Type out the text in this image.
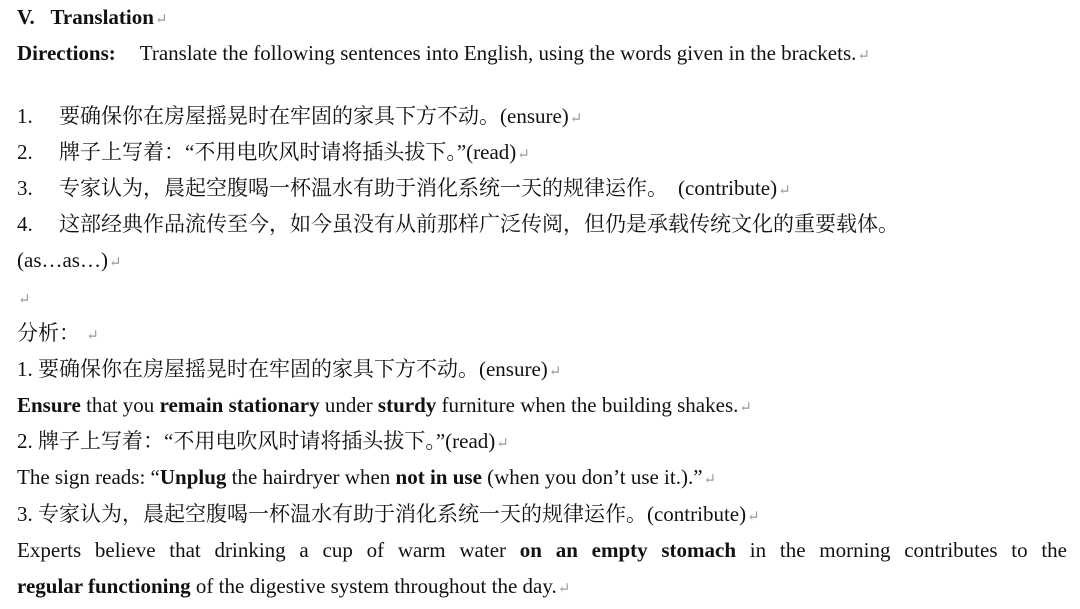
V. Translation↵
Directions: Translate the following sentences into English, using the words given in the brackets.↵
1. 要确保你在房屋摇晃时在牢固的家具下方不动。(ensure)↵
2. 牌子上写着：“不用电吹风时请将插头拔下。”(read)↵
3. 专家认为，晨起空腹喝一杯温水有助于消化系统一天的规律运作。 (contribute)↵
4. 这部经典作品流传至今，如今虽没有从前那样广泛传阅，但仍是承载传统文化的重要载体。
(as…as…)↵
↵
分析： ↵
1. 要确保你在房屋摇晃时在牢固的家具下方不动。(ensure)↵
Ensure that you remain stationary under sturdy furniture when the building shakes.↵
2. 牌子上写着：“不用电吹风时请将插头拔下。”(read)↵
The sign reads: “Unplug the hairdryer when not in use (when you don’t use it.).”↵
3. 专家认为，晨起空腹喝一杯温水有助于消化系统一天的规律运作。(contribute)↵
Experts believe that drinking a cup of warm water on an empty stomach in the morning contributes to the
regular functioning of the digestive system throughout the day.↵
